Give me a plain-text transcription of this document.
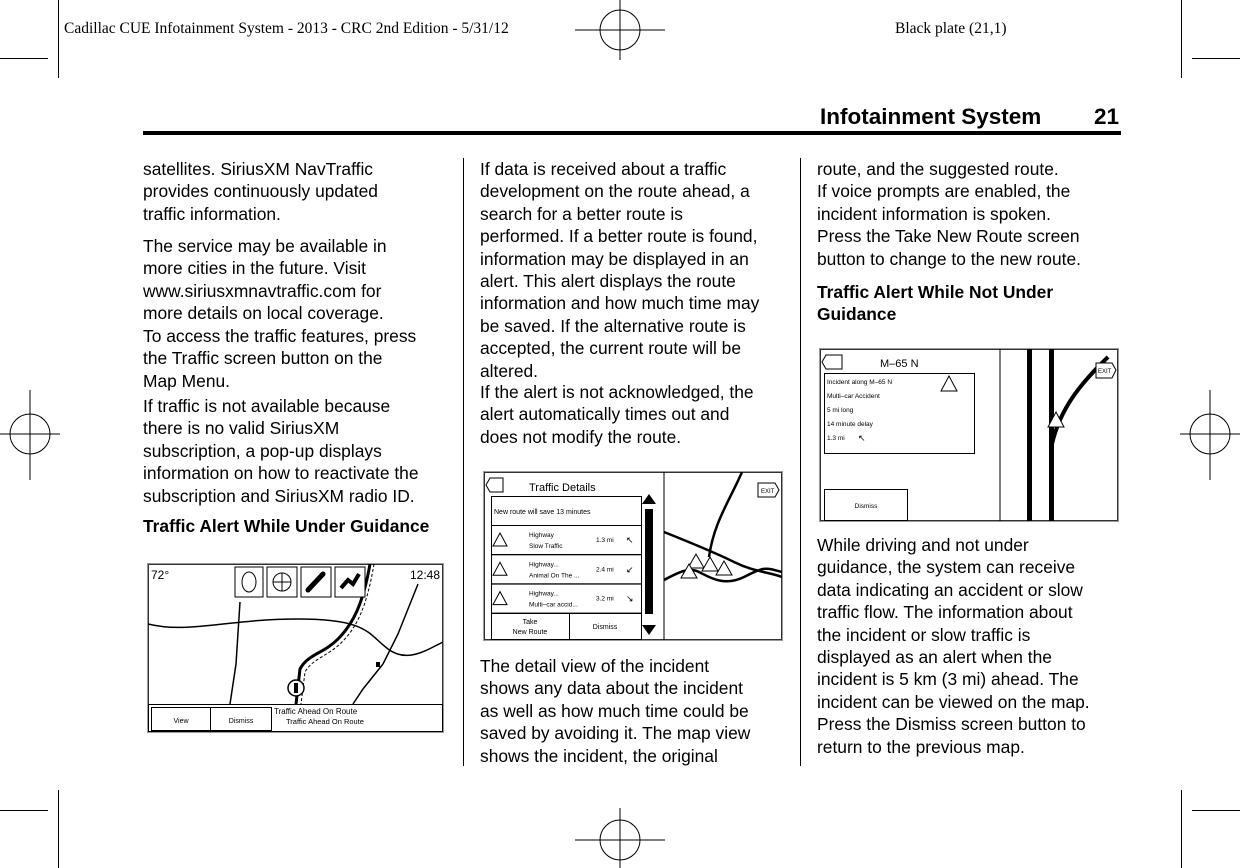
Cadillac CUE Infotainment System - 2013 - CRC 2nd Edition - 5/31/12	Black plate (21,1)
Infotainment System 21
satellites. SiriusXM NavTraffic
provides continuously updated
traffic information.
The service may be available in
more cities in the future. Visit
www.siriusxmnavtraffic.com for
more details on local coverage.
To access the traffic features, press
the Traffic screen button on the
Map Menu.
If traffic is not available because
there is no valid SiriusXM
subscription, a pop-up displays
information on how to reactivate the
subscription and SiriusXM radio ID.
Traffic Alert While Under Guidance
72°	12:48
View	Dismiss
Traffic Ahead On Route
Traffic Ahead On Route
If data is received about a traffic
development on the route ahead, a
search for a better route is
performed. If a better route is found,
information may be displayed in an
alert. This alert displays the route
information and how much time may
be saved. If the alternative route is
accepted, the current route will be
altered.
If the alert is not acknowledged, the
alert automatically times out and
does not modify the route.
Traffic Details
New route will save 13 minutes
Highway
Slow Traffic
1.3 mi ↖
Highway...
Animal On The ...
2.4 mi ↙
Highway...
Multi–car accid...
3.2 mi ↘
Take
New Route
Dismiss
EXIT
The detail view of the incident
shows any data about the incident
as well as how much time could be
saved by avoiding it. The map view
shows the incident, the original
route, and the suggested route.
If voice prompts are enabled, the
incident information is spoken.
Press the Take New Route screen
button to change to the new route.
Traffic Alert While Not Under
Guidance
M–65 N
Incident along M–65 N
Multi–car Accident
5 mi long
14 minute delay
1.3 mi ↖
Dismiss
EXIT
While driving and not under
guidance, the system can receive
data indicating an accident or slow
traffic flow. The information about
the incident or slow traffic is
displayed as an alert when the
incident is 5 km (3 mi) ahead. The
incident can be viewed on the map.
Press the Dismiss screen button to
return to the previous map.
